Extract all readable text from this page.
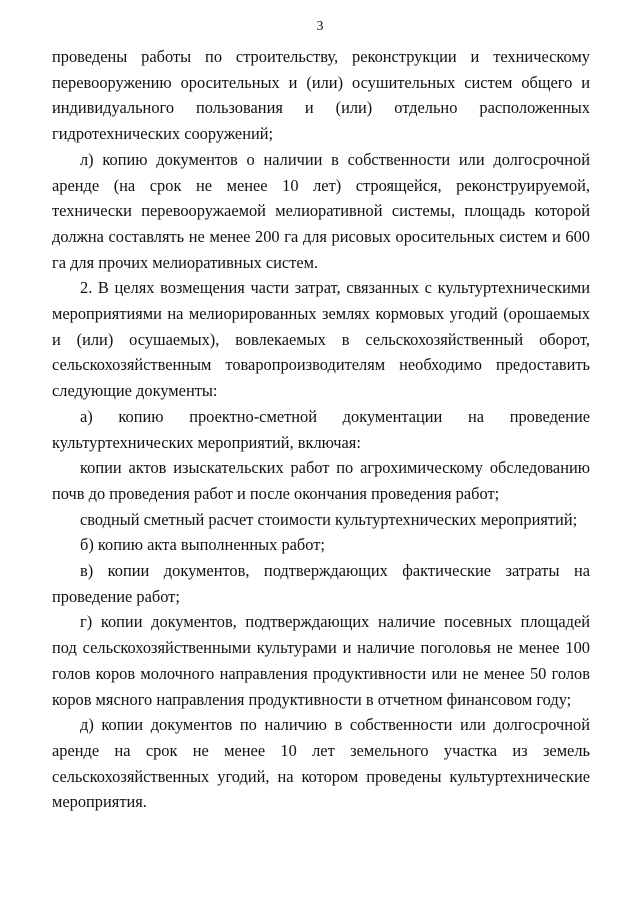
3

проведены работы по строительству, реконструкции и техническому перевооружению оросительных и (или) осушительных систем общего и индивидуального пользования и (или) отдельно расположенных гидротехнических сооружений;

л) копию документов о наличии в собственности или долгосрочной аренде (на срок не менее 10 лет) строящейся, реконструируемой, технически перевооружаемой мелиоративной системы, площадь которой должна составлять не менее 200 га для рисовых оросительных систем и 600 га для прочих мелиоративных систем.

2. В целях возмещения части затрат, связанных с культуртехническими мероприятиями на мелиорированных землях кормовых угодий (орошаемых и (или) осушаемых), вовлекаемых в сельскохозяйственный оборот, сельскохозяйственным товаропроизводителям необходимо предоставить следующие документы:

а) копию проектно-сметной документации на проведение культуртехнических мероприятий, включая:

копии актов изыскательских работ по агрохимическому обследованию почв до проведения работ и после окончания проведения работ;

сводный сметный расчет стоимости культуртехнических мероприятий;

б) копию акта выполненных работ;

в) копии документов, подтверждающих фактические затраты на проведение работ;

г) копии документов, подтверждающих наличие посевных площадей под сельскохозяйственными культурами и наличие поголовья не менее 100 голов коров молочного направления продуктивности или не менее 50 голов коров мясного направления продуктивности в отчетном финансовом году;

д) копии документов по наличию в собственности или долгосрочной аренде на срок не менее 10 лет земельного участка из земель сельскохозяйственных угодий, на котором проведены культуртехнические мероприятия.
